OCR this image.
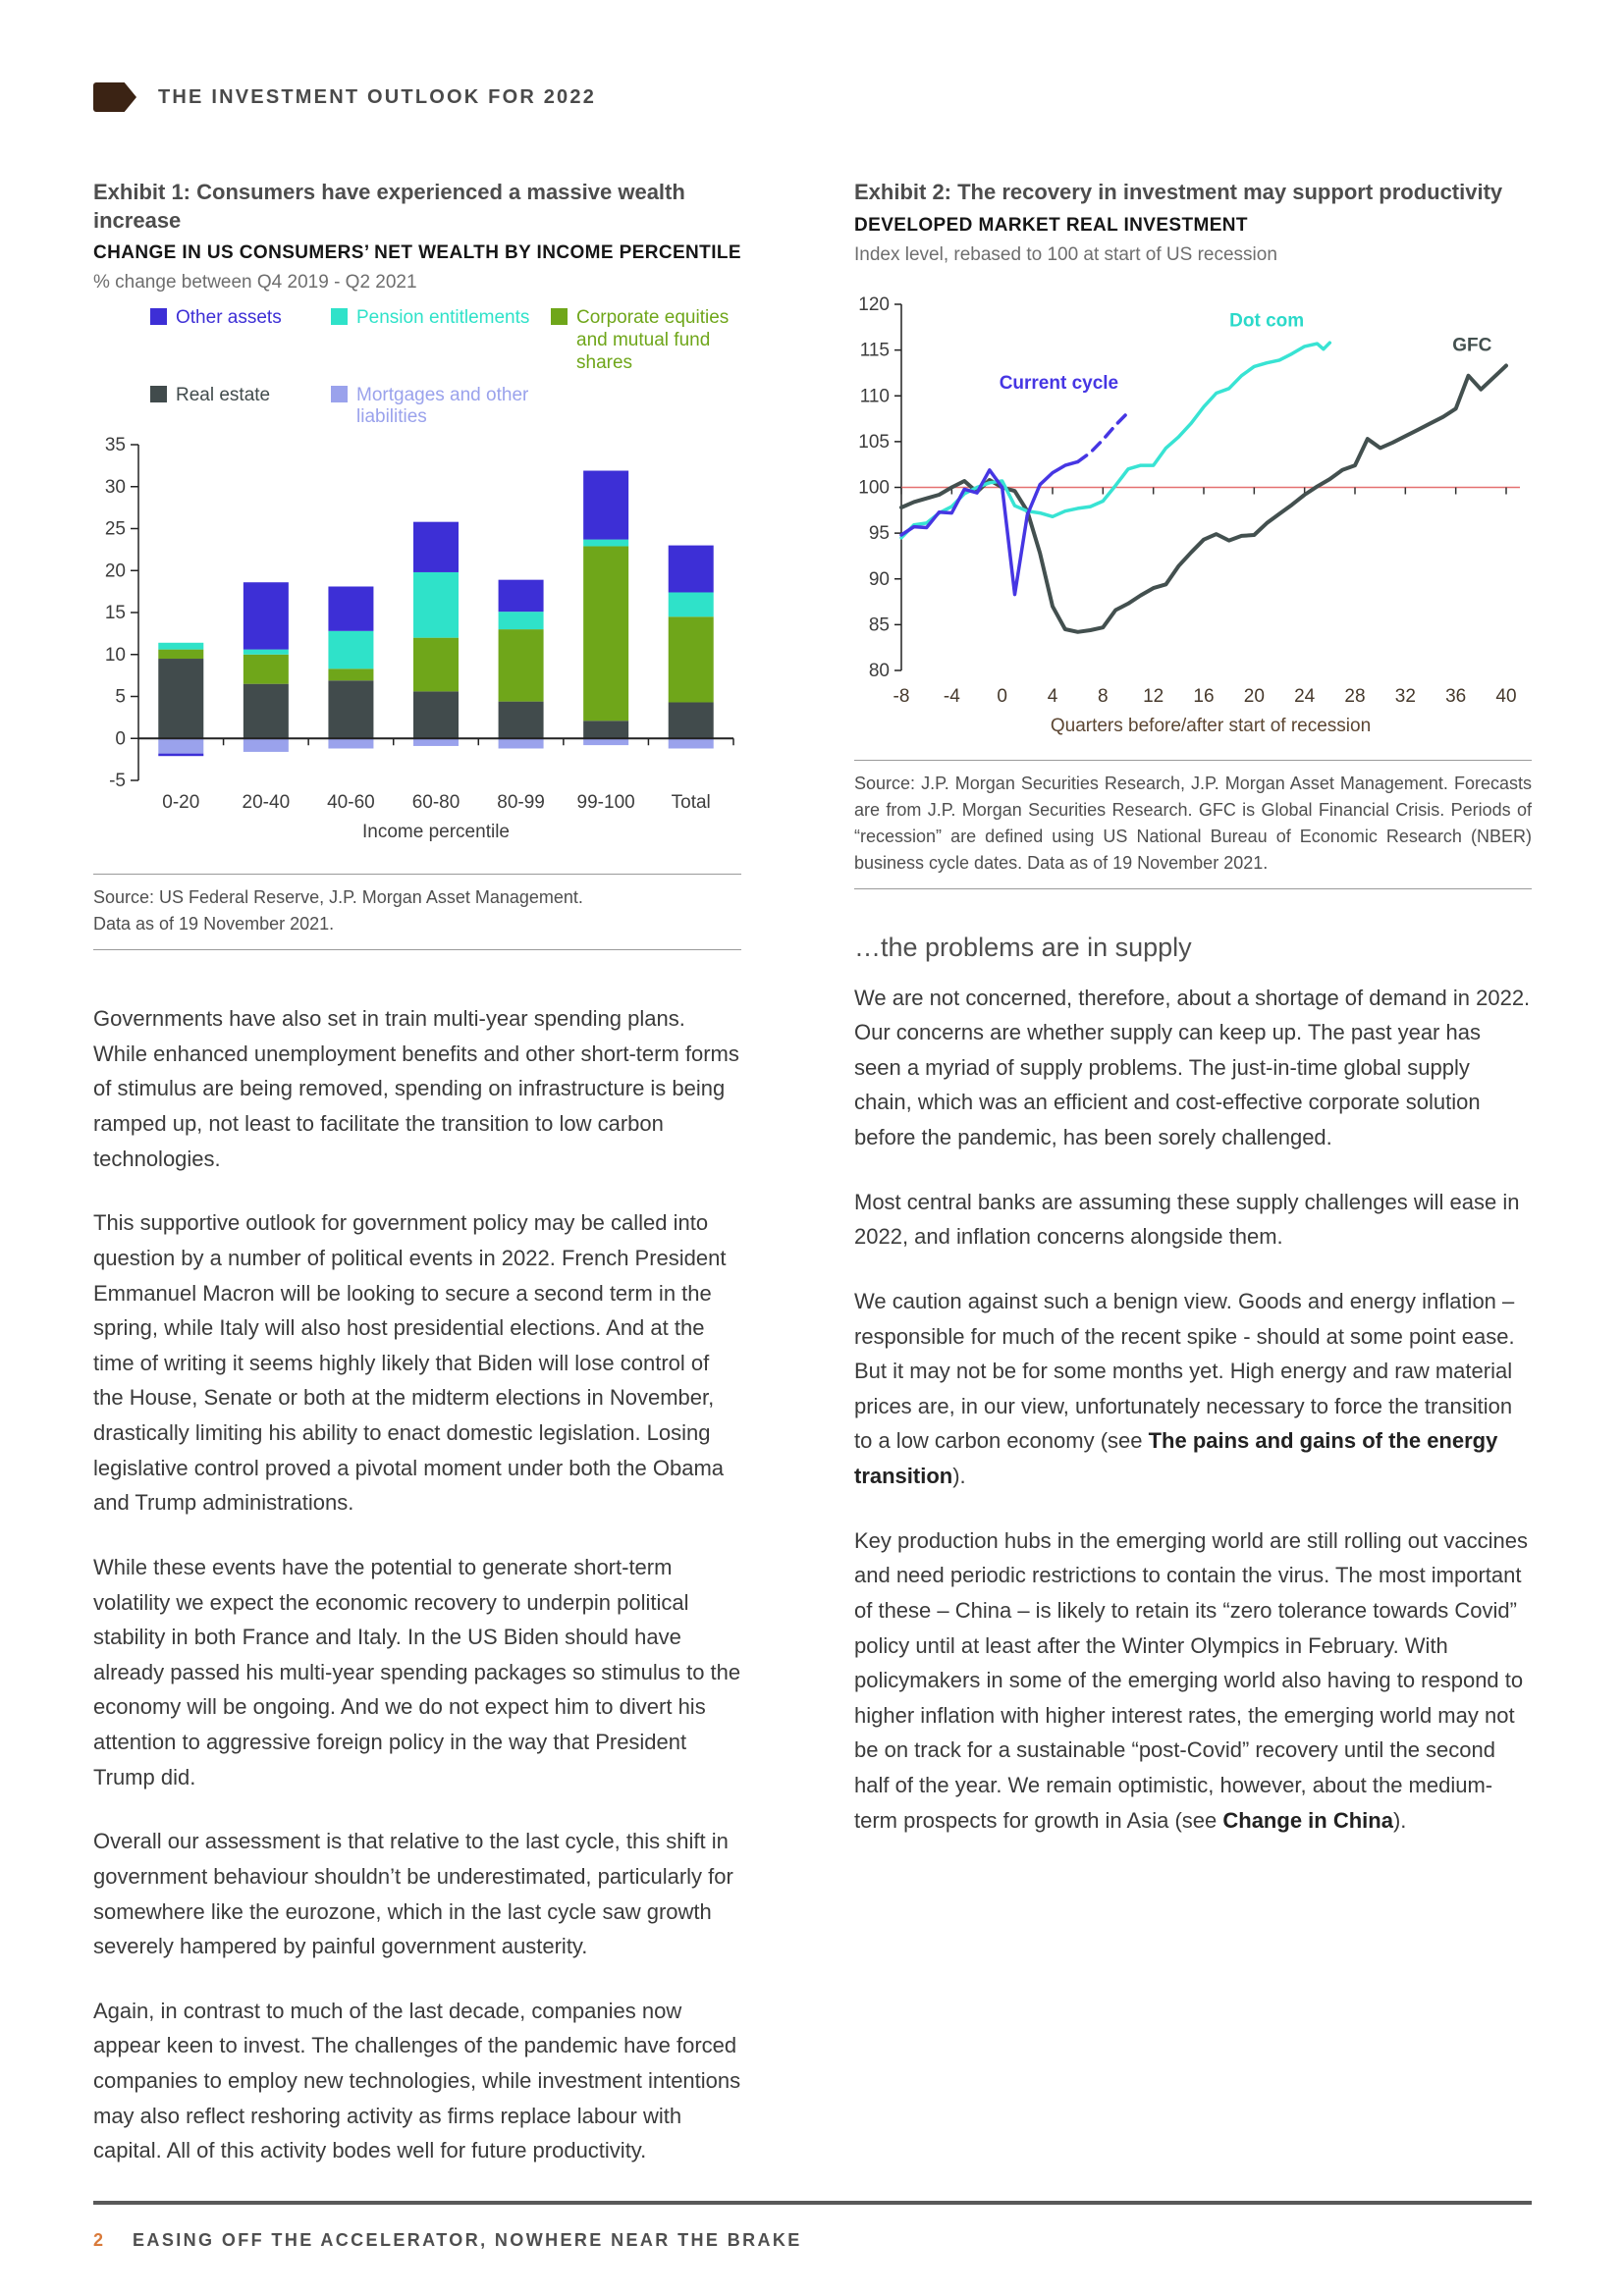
THE INVESTMENT OUTLOOK FOR 2022

Exhibit 1: Consumers have experienced a massive wealth increase

CHANGE IN US CONSUMERS’ NET WEALTH BY INCOME PERCENTILE

% change between Q4 2019 - Q2 2021

Other assets	Pension entitlements	Corporate equities and mutual fund shares
Real estate	Mortgages and other liabilities
-5
0
5
10
15
20
25
30
35
0-20 20-40 40-60 60-80 80-99 99-100 Total
Income percentile

Source: US Federal Reserve, J.P. Morgan Asset Management.

Data as of 19 November 2021.

Governments have also set in train multi-year spending plans. While enhanced unemployment benefits and other short-term forms of stimulus are being removed, spending on infrastructure is being ramped up, not least to facilitate the transition to low carbon technologies.

This supportive outlook for government policy may be called into question by a number of political events in 2022. French President Emmanuel Macron will be looking to secure a second term in the spring, while Italy will also host presidential elections. And at the time of writing it seems highly likely that Biden will lose control of the House, Senate or both at the midterm elections in November, drastically limiting his ability to enact domestic legislation. Losing legislative control proved a pivotal moment under both the Obama and Trump administrations.

While these events have the potential to generate short-term volatility we expect the economic recovery to underpin political stability in both France and Italy. In the US Biden should have already passed his multi-year spending packages so stimulus to the economy will be ongoing. And we do not expect him to divert his attention to aggressive foreign policy in the way that President Trump did.

Overall our assessment is that relative to the last cycle, this shift in government behaviour shouldn’t be underestimated, particularly for somewhere like the eurozone, which in the last cycle saw growth severely hampered by painful government austerity.

Again, in contrast to much of the last decade, companies now appear keen to invest. The challenges of the pandemic have forced companies to employ new technologies, while investment intentions may also reflect reshoring activity as firms replace labour with capital. All of this activity bodes well for future productivity.

Exhibit 2: The recovery in investment may support productivity

DEVELOPED MARKET REAL INVESTMENT

Index level, rebased to 100 at start of US recession

80
85
90
95
100
105
110
115
120
-8 -4 0 4 8 12 16 20 24 28 32 36 40
Quarters before/after start of recession
Current cycle
Dot com
GFC

Source: J.P. Morgan Securities Research, J.P. Morgan Asset Management. Forecasts are from J.P. Morgan Securities Research. GFC is Global Financial Crisis. Periods of “recession” are defined using US National Bureau of Economic Research (NBER) business cycle dates. Data as of 19 November 2021.

…the problems are in supply

We are not concerned, therefore, about a shortage of demand in 2022. Our concerns are whether supply can keep up. The past year has seen a myriad of supply problems. The just-in-time global supply chain, which was an efficient and cost-effective corporate solution before the pandemic, has been sorely challenged.

Most central banks are assuming these supply challenges will ease in 2022, and inflation concerns alongside them.

We caution against such a benign view. Goods and energy inflation – responsible for much of the recent spike - should at some point ease. But it may not be for some months yet. High energy and raw material prices are, in our view, unfortunately necessary to force the transition to a low carbon economy (see The pains and gains of the energy transition).

Key production hubs in the emerging world are still rolling out vaccines and need periodic restrictions to contain the virus. The most important of these – China – is likely to retain its “zero tolerance towards Covid” policy until at least after the Winter Olympics in February. With policymakers in some of the emerging world also having to respond to higher inflation with higher interest rates, the emerging world may not be on track for a sustainable “post-Covid” recovery until the second half of the year. We remain optimistic, however, about the medium-term prospects for growth in Asia (see Change in China).

2 EASING OFF THE ACCELERATOR, NOWHERE NEAR THE BRAKE
